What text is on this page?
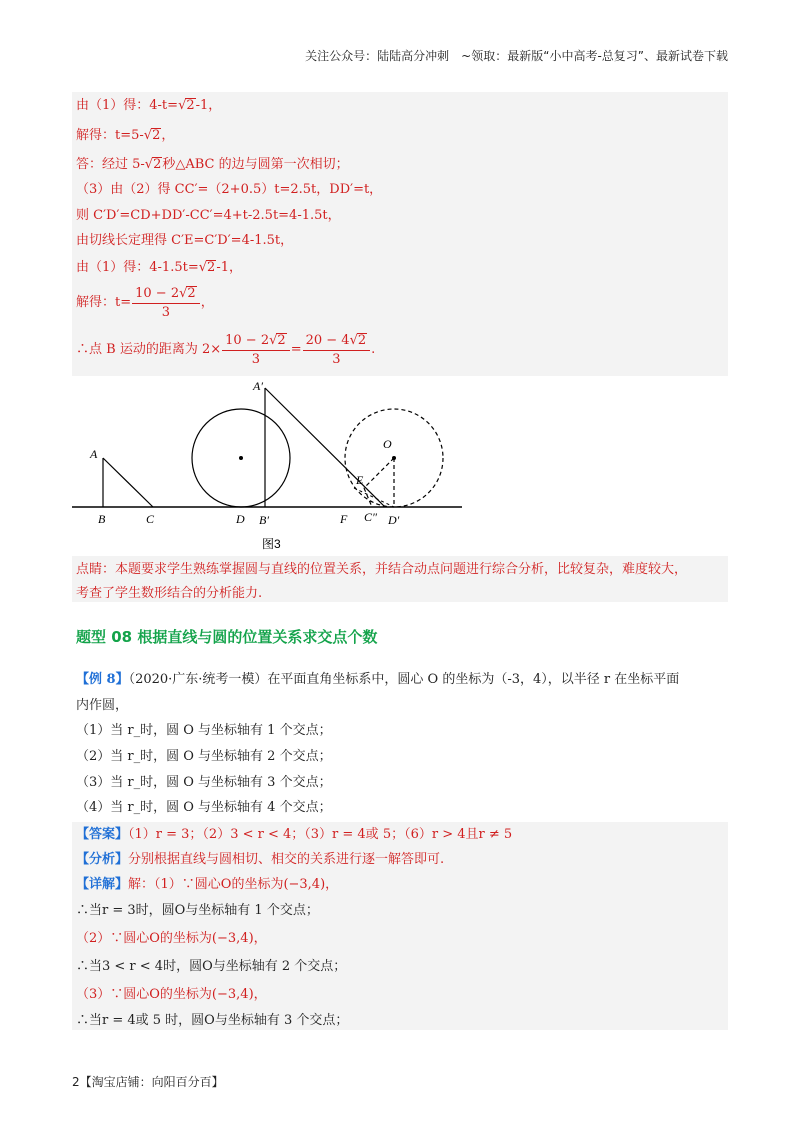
关注公众号：陆陆高分冲刺　~领取：最新版“小中高考-总复习”、最新试卷下载
由（1）得：4-t=√2-1，
解得：t=5-√2，
答：经过 5-√2秒△ABC 的边与圆第一次相切；
（3）由（2）得 CC′=（2+0.5）t=2.5t，DD′=t，
则 C′D′=CD+DD′-CC′=4+t-2.5t=4-1.5t，
由切线长定理得 C′E=C′D′=4-1.5t，
由（1）得：4-1.5t=√2-1，
解得：$t= \frac{10 - 2√2}{3}$ ，
∴点 B 运动的距离为 $2\times \frac{10 - 2√2}{3} = \frac{20 - 4√2}{3}$ .
A
B	C	D B′
A′
O
E
F C″ D′
图3
点睛：本题要求学生熟练掌握圆与直线的位置关系，并结合动点问题进行综合分析，比较复杂，难度较大，
考查了学生数形结合的分析能力.
题型 08 根据直线与圆的位置关系求交点个数
【例 8】（2020·广东·统考一模）在平面直角坐标系中，圆心 O 的坐标为（-3，4），以半径 r 在坐标平面
内作圆，
（1）当 r_时，圆 O 与坐标轴有 1 个交点；
（2）当 r_时，圆 O 与坐标轴有 2 个交点；
（3）当 r_时，圆 O 与坐标轴有 3 个交点；
（4）当 r_时，圆 O 与坐标轴有 4 个交点；
【答案】（1）r = 3；（2）3 < r < 4；（3）r = 4或 5；（6）r > 4且r ≠ 5
【分析】分别根据直线与圆相切、相交的关系进行逐一解答即可.
【详解】解：（1）∵圆心O的坐标为(−3,4)，
∴当r = 3时，圆O与坐标轴有 1 个交点；
（2）∵圆心O的坐标为(−3,4)，
∴当3 < r < 4时，圆O与坐标轴有 2 个交点；
（3）∵圆心O的坐标为(−3,4)，
∴当r = 4或 5 时，圆O与坐标轴有 3 个交点；
2【淘宝店铺：向阳百分百】
